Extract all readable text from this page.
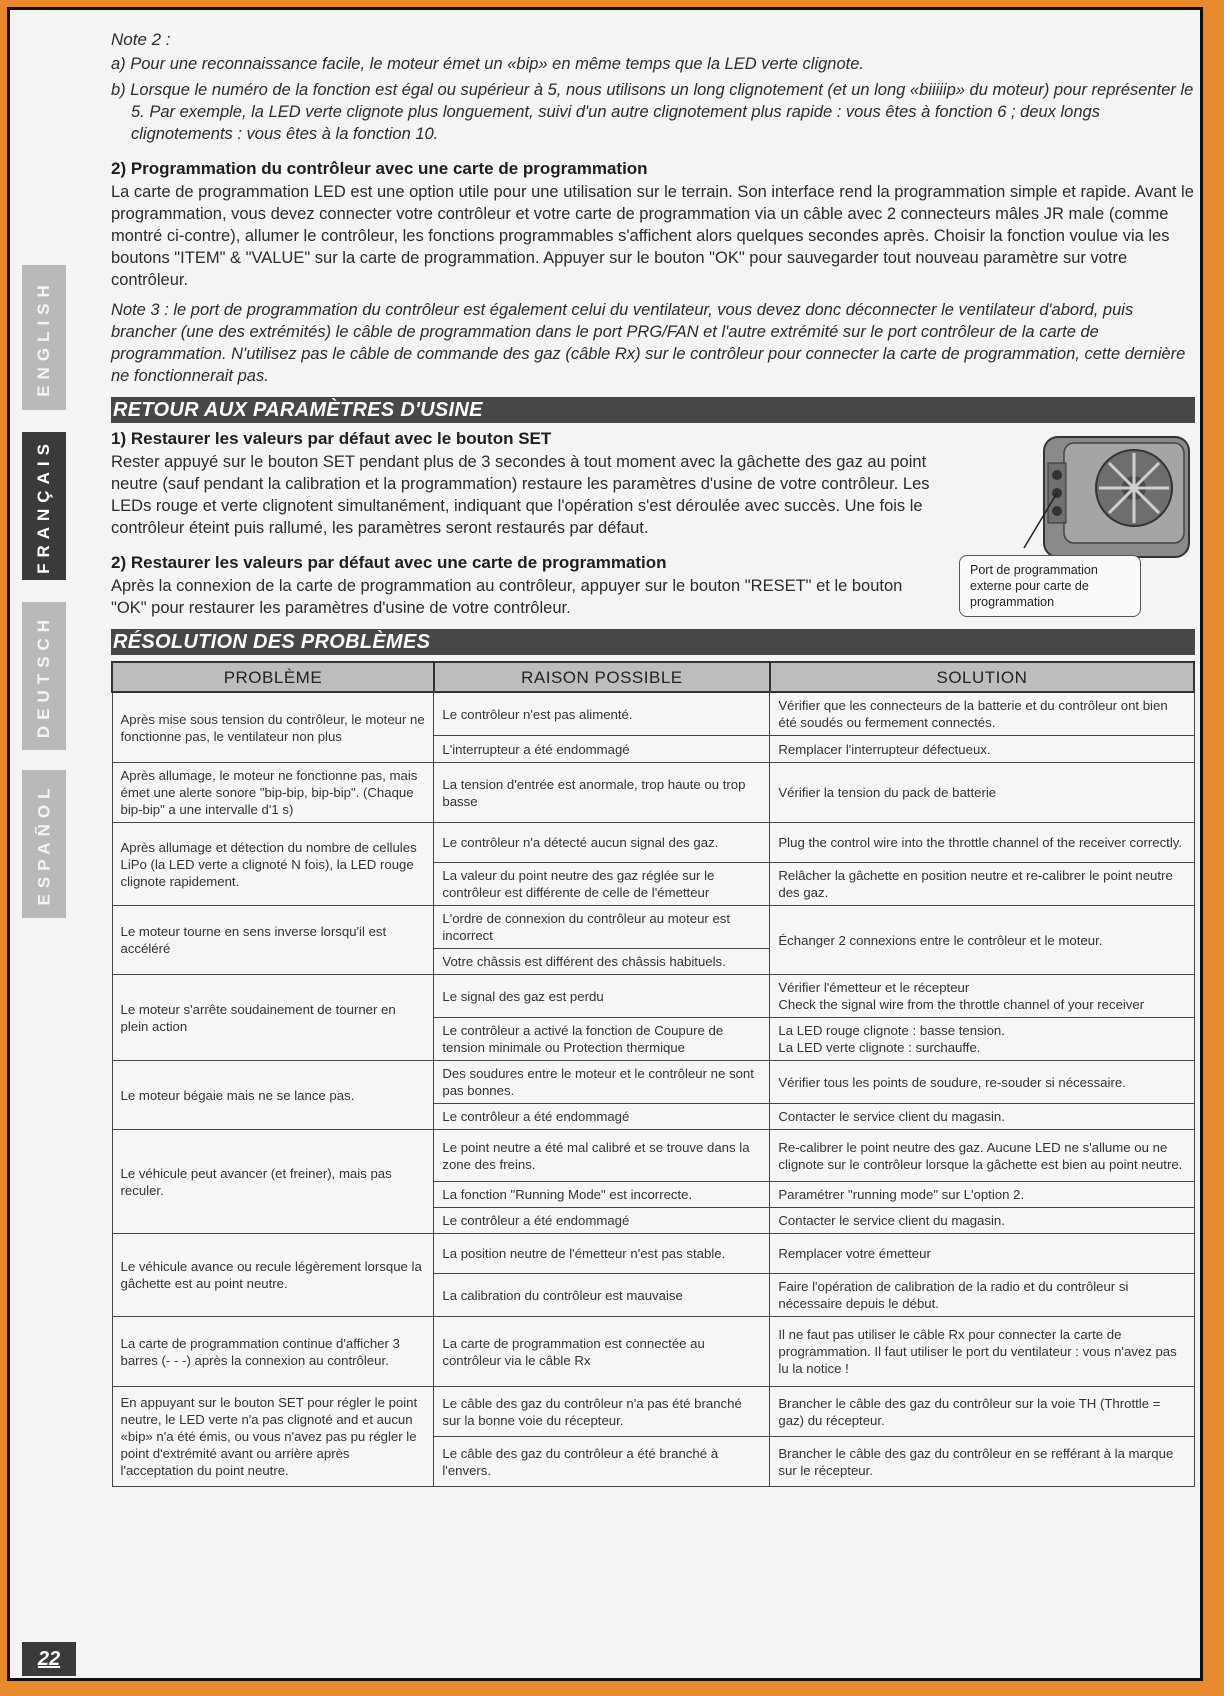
ENGLISH
FRANÇAIS
DEUTSCH
ESPAÑOL
Note 2 :
a) Pour une reconnaissance facile, le moteur émet un «bip» en même temps que la LED verte clignote.
b) Lorsque le numéro de la fonction est égal ou supérieur à 5, nous utilisons un long clignotement (et un long «biiiiip» du moteur) pour représenter le 5. Par exemple, la LED verte clignote plus longuement, suivi d'un autre clignotement plus rapide : vous êtes à fonction 6 ; deux longs clignotements : vous êtes à la fonction 10.
2) Programmation du contrôleur avec une carte de programmation

La carte de programmation LED est une option utile pour une utilisation sur le terrain. Son interface rend la programmation simple et rapide. Avant le programmation, vous devez connecter votre contrôleur et votre carte de programmation via un câble avec 2 connecteurs mâles JR male (comme montré ci-contre), allumer le contrôleur, les fonctions programmables s'affichent alors quelques secondes après. Choisir la fonction voulue via les boutons "ITEM" & "VALUE" sur la carte de programmation. Appuyer sur le bouton "OK" pour sauvegarder tout nouveau paramètre sur votre contrôleur.

Note 3 : le port de programmation du contrôleur est également celui du ventilateur, vous devez donc déconnecter le ventilateur d'abord, puis brancher (une des extrémités) le câble de programmation dans le port PRG/FAN et l'autre extrémité sur le port contrôleur de la carte de programmation. N'utilisez pas le câble de commande des gaz (câble Rx) sur le contrôleur pour connecter la carte de programmation, cette dernière ne fonctionnerait pas.

RETOUR AUX PARAMÈTRES D'USINE
1) Restaurer les valeurs par défaut avec le bouton SET

Rester appuyé sur le bouton SET pendant plus de 3 secondes à tout moment avec la gâchette des gaz au point neutre (sauf pendant la calibration et la programmation) restaure les paramètres d'usine de votre contrôleur. Les LEDs rouge et verte clignotent simultanément, indiquant que l'opération s'est déroulée avec succès. Une fois le contrôleur éteint puis rallumé, les paramètres seront restaurés par défaut.

2) Restaurer les valeurs par défaut avec une carte de programmation

Après la connexion de la carte de programmation au contrôleur, appuyer sur le bouton "RESET" et le bouton "OK" pour restaurer les paramètres d'usine de votre contrôleur.

Port de programmation externe pour carte de programmation
RÉSOLUTION DES PROBLÈMES
PROBLÈME	RAISON POSSIBLE	SOLUTION
Après mise sous tension du contrôleur, le moteur ne fonctionne pas, le ventilateur non plus	Le contrôleur n'est pas alimenté.	Vérifier que les connecteurs de la batterie et du contrôleur ont bien été soudés ou fermement connectés.
	L'interrupteur a été endommagé	Remplacer l'interrupteur défectueux.
Après allumage, le moteur ne fonctionne pas, mais émet une alerte sonore "bip-bip, bip-bip". (Chaque bip-bip" a une intervalle d'1 s)	La tension d'entrée est anormale, trop haute ou trop basse	Vérifier la tension du pack de batterie
Après allumage et détection du nombre de cellules LiPo (la LED verte a clignoté N fois), la LED rouge clignote rapidement.	Le contrôleur n'a détecté aucun signal des gaz.	Plug the control wire into the throttle channel of the receiver correctly.
	La valeur du point neutre des gaz réglée sur le contrôleur est différente de celle de l'émetteur	Relâcher la gâchette en position neutre et re-calibrer le point neutre des gaz.
Le moteur tourne en sens inverse lorsqu'il est accéléré	L'ordre de connexion du contrôleur au moteur est incorrect	Échanger 2 connexions entre le contrôleur et le moteur.
	Votre châssis est différent des châssis habituels.	
Le moteur s'arrête soudainement de tourner en plein action	Le signal des gaz est perdu	Vérifier l'émetteur et le récepteur
Check the signal wire from the throttle channel of your receiver
	Le contrôleur a activé la fonction de Coupure de tension minimale ou Protection thermique	La LED rouge clignote : basse tension.
La LED verte clignote : surchauffe.
Le moteur bégaie mais ne se lance pas.	Des soudures entre le moteur et le contrôleur ne sont pas bonnes.	Vérifier tous les points de soudure, re-souder si nécessaire.
	Le contrôleur a été endommagé	Contacter le service client du magasin.
Le véhicule peut avancer (et freiner), mais pas reculer.	Le point neutre a été mal calibré et se trouve dans la zone des freins.	Re-calibrer le point neutre des gaz. Aucune LED ne s'allume ou ne clignote sur le contrôleur lorsque la gâchette est bien au point neutre.
	La fonction "Running Mode" est incorrecte.	Paramétrer "running mode" sur L'option 2.
	Le contrôleur a été endommagé	Contacter le service client du magasin.
Le véhicule avance ou recule légèrement lorsque la gâchette est au point neutre.	La position neutre de l'émetteur n'est pas stable.	Remplacer votre émetteur
	La calibration du contrôleur est mauvaise	Faire l'opération de calibration de la radio et du contrôleur si nécessaire depuis le début.
La carte de programmation continue d'afficher 3 barres (- - -) après la connexion au contrôleur.	La carte de programmation est connectée au contrôleur via le câble Rx	Il ne faut pas utiliser le câble Rx pour connecter la carte de programmation. Il faut utiliser le port du ventilateur : vous n'avez pas lu la notice !
En appuyant sur le bouton SET pour régler le point neutre, le LED verte n'a pas clignoté and et aucun «bip» n'a été émis, ou vous n'avez pas pu régler le point d'extrémité avant ou arrière après l'acceptation du point neutre.	Le câble des gaz du contrôleur n'a pas été branché sur la bonne voie du récepteur.	Brancher le câble des gaz du contrôleur sur la voie TH (Throttle = gaz) du récepteur.
	Le câble des gaz du contrôleur a été branché à l'envers.	Brancher le câble des gaz du contrôleur en se refférant à la marque sur le récepteur.
22
